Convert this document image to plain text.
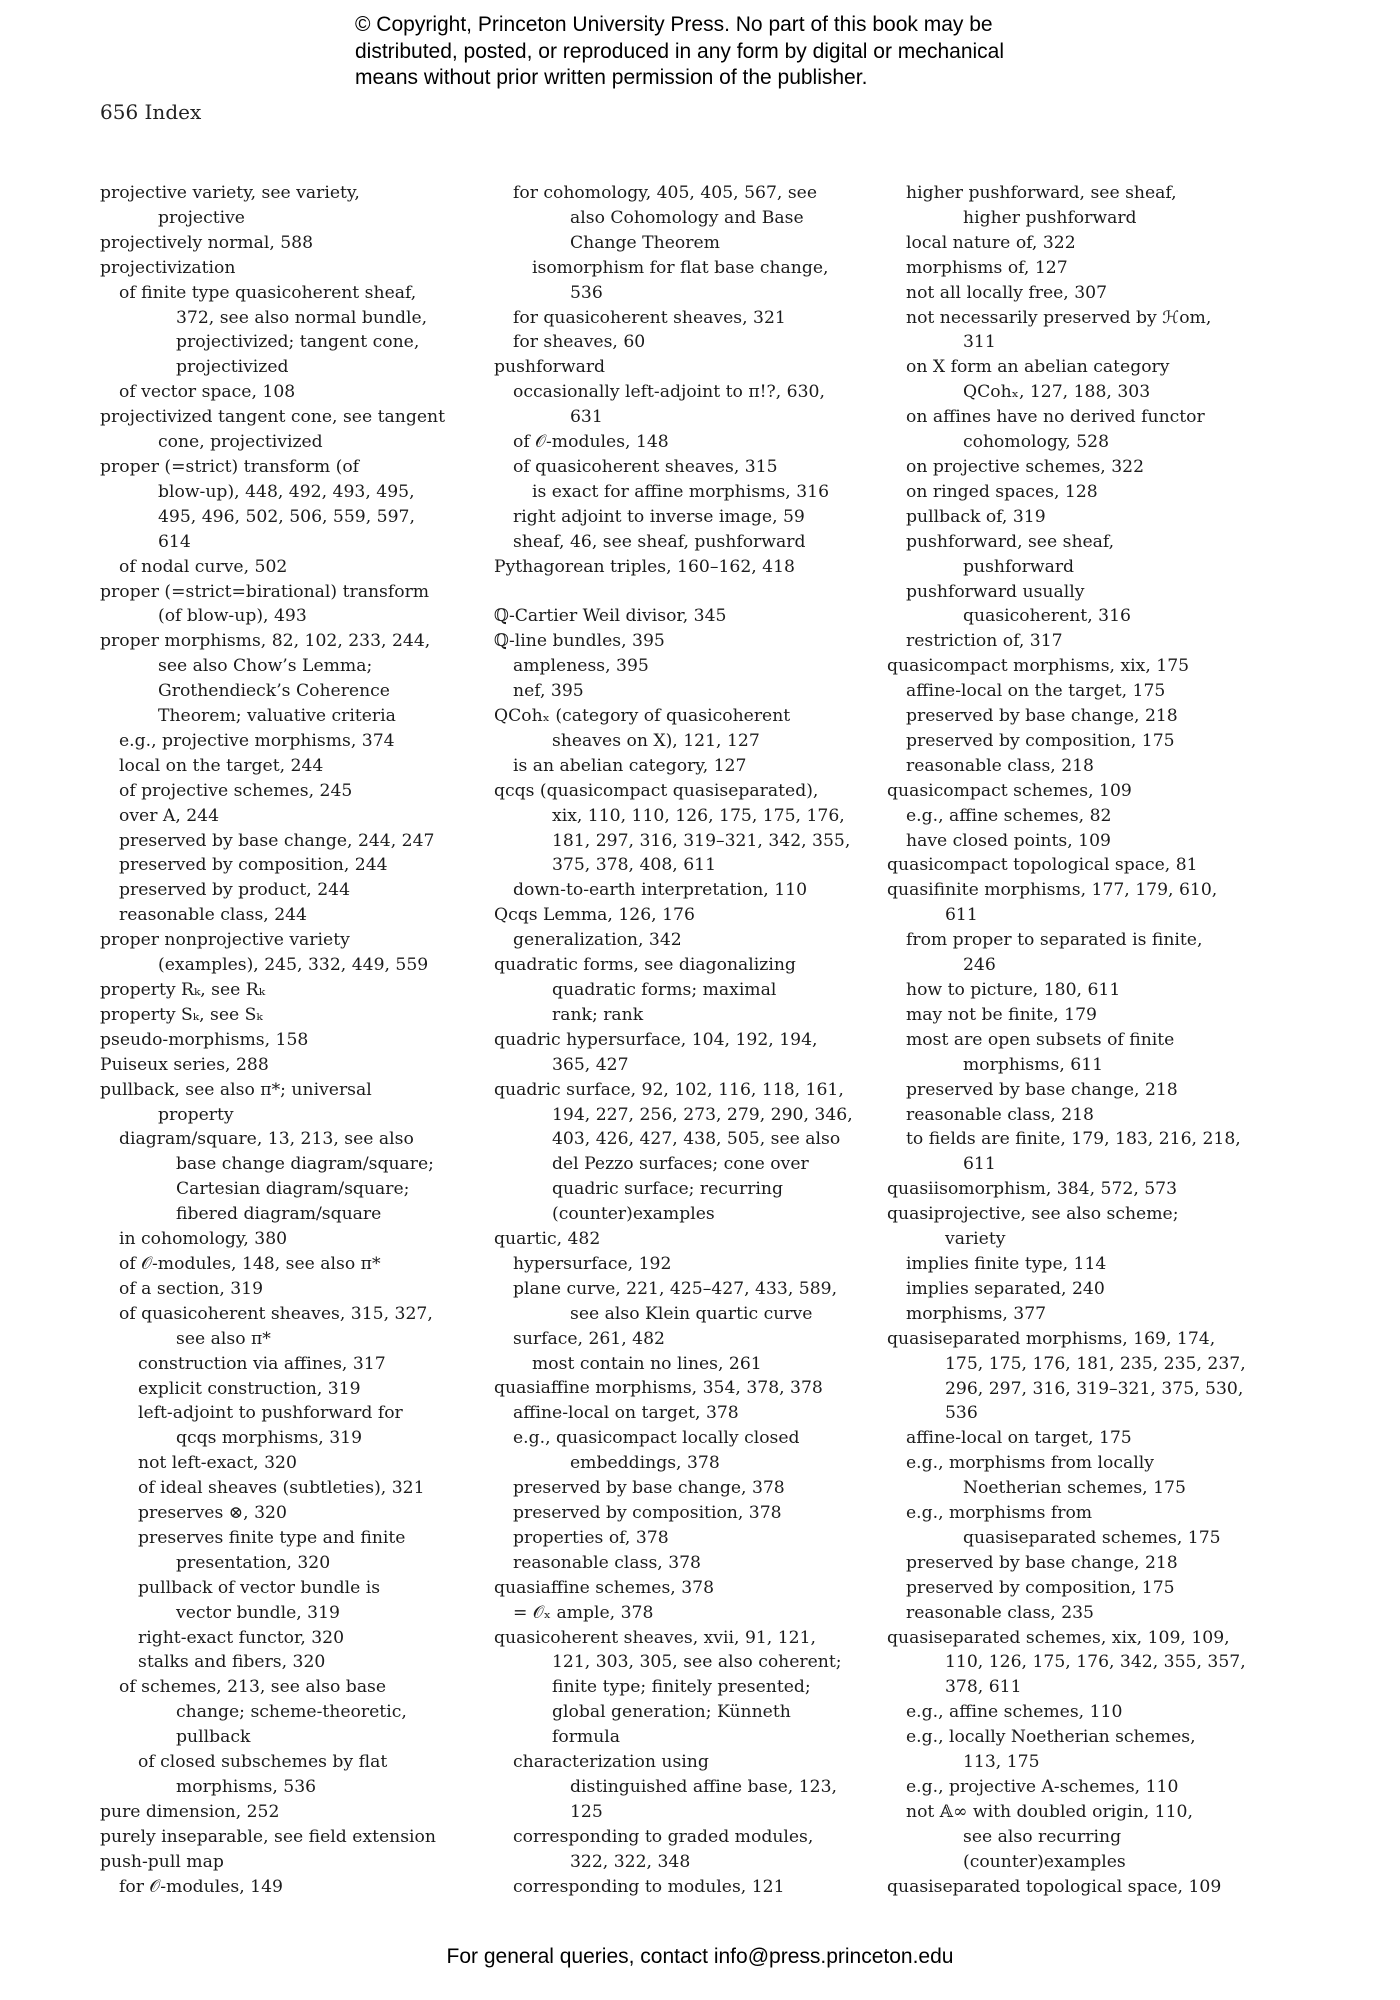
© Copyright, Princeton University Press. No part of this book may be
distributed, posted, or reproduced in any form by digital or mechanical
means without prior written permission of the publisher.
656 Index
projective variety, see variety,
projective
projectively normal, 588
projectivization
of finite type quasicoherent sheaf,
372, see also normal bundle,
projectivized; tangent cone,
projectivized
of vector space, 108
projectivized tangent cone, see tangent
cone, projectivized
proper (=strict) transform (of
blow-up), 448, 492, 493, 495,
495, 496, 502, 506, 559, 597,
614
of nodal curve, 502
proper (=strict=birational) transform
(of blow-up), 493
proper morphisms, 82, 102, 233, 244,
see also Chow’s Lemma;
Grothendieck’s Coherence
Theorem; valuative criteria
e.g., projective morphisms, 374
local on the target, 244
of projective schemes, 245
over A, 244
preserved by base change, 244, 247
preserved by composition, 244
preserved by product, 244
reasonable class, 244
proper nonprojective variety
(examples), 245, 332, 449, 559
property Rₖ, see Rₖ
property Sₖ, see Sₖ
pseudo-morphisms, 158
Puiseux series, 288
pullback, see also π*; universal
property
diagram/square, 13, 213, see also
base change diagram/square;
Cartesian diagram/square;
fibered diagram/square
in cohomology, 380
of 𝒪-modules, 148, see also π*
of a section, 319
of quasicoherent sheaves, 315, 327,
see also π*
construction via affines, 317
explicit construction, 319
left-adjoint to pushforward for
qcqs morphisms, 319
not left-exact, 320
of ideal sheaves (subtleties), 321
preserves ⊗, 320
preserves finite type and finite
presentation, 320
pullback of vector bundle is
vector bundle, 319
right-exact functor, 320
stalks and fibers, 320
of schemes, 213, see also base
change; scheme-theoretic,
pullback
of closed subschemes by flat
morphisms, 536
pure dimension, 252
purely inseparable, see field extension
push-pull map
for 𝒪-modules, 149
for cohomology, 405, 405, 567, see
also Cohomology and Base
Change Theorem
isomorphism for flat base change,
536
for quasicoherent sheaves, 321
for sheaves, 60
pushforward
occasionally left-adjoint to π!?, 630,
631
of 𝒪-modules, 148
of quasicoherent sheaves, 315
is exact for affine morphisms, 316
right adjoint to inverse image, 59
sheaf, 46, see sheaf, pushforward
Pythagorean triples, 160–162, 418
ℚ-Cartier Weil divisor, 345
ℚ-line bundles, 395
ampleness, 395
nef, 395
QCohₓ (category of quasicoherent
sheaves on X), 121, 127
is an abelian category, 127
qcqs (quasicompact quasiseparated),
xix, 110, 110, 126, 175, 175, 176,
181, 297, 316, 319–321, 342, 355,
375, 378, 408, 611
down-to-earth interpretation, 110
Qcqs Lemma, 126, 176
generalization, 342
quadratic forms, see diagonalizing
quadratic forms; maximal
rank; rank
quadric hypersurface, 104, 192, 194,
365, 427
quadric surface, 92, 102, 116, 118, 161,
194, 227, 256, 273, 279, 290, 346,
403, 426, 427, 438, 505, see also
del Pezzo surfaces; cone over
quadric surface; recurring
(counter)examples
quartic, 482
hypersurface, 192
plane curve, 221, 425–427, 433, 589,
see also Klein quartic curve
surface, 261, 482
most contain no lines, 261
quasiaffine morphisms, 354, 378, 378
affine-local on target, 378
e.g., quasicompact locally closed
embeddings, 378
preserved by base change, 378
preserved by composition, 378
properties of, 378
reasonable class, 378
quasiaffine schemes, 378
= 𝒪ₓ ample, 378
quasicoherent sheaves, xvii, 91, 121,
121, 303, 305, see also coherent;
finite type; finitely presented;
global generation; Künneth
formula
characterization using
distinguished affine base, 123,
125
corresponding to graded modules,
322, 322, 348
corresponding to modules, 121
higher pushforward, see sheaf,
higher pushforward
local nature of, 322
morphisms of, 127
not all locally free, 307
not necessarily preserved by ℋom,
311
on X form an abelian category
QCohₓ, 127, 188, 303
on affines have no derived functor
cohomology, 528
on projective schemes, 322
on ringed spaces, 128
pullback of, 319
pushforward, see sheaf,
pushforward
pushforward usually
quasicoherent, 316
restriction of, 317
quasicompact morphisms, xix, 175
affine-local on the target, 175
preserved by base change, 218
preserved by composition, 175
reasonable class, 218
quasicompact schemes, 109
e.g., affine schemes, 82
have closed points, 109
quasicompact topological space, 81
quasifinite morphisms, 177, 179, 610,
611
from proper to separated is finite,
246
how to picture, 180, 611
may not be finite, 179
most are open subsets of finite
morphisms, 611
preserved by base change, 218
reasonable class, 218
to fields are finite, 179, 183, 216, 218,
611
quasiisomorphism, 384, 572, 573
quasiprojective, see also scheme;
variety
implies finite type, 114
implies separated, 240
morphisms, 377
quasiseparated morphisms, 169, 174,
175, 175, 176, 181, 235, 235, 237,
296, 297, 316, 319–321, 375, 530,
536
affine-local on target, 175
e.g., morphisms from locally
Noetherian schemes, 175
e.g., morphisms from
quasiseparated schemes, 175
preserved by base change, 218
preserved by composition, 175
reasonable class, 235
quasiseparated schemes, xix, 109, 109,
110, 126, 175, 176, 342, 355, 357,
378, 611
e.g., affine schemes, 110
e.g., locally Noetherian schemes,
113, 175
e.g., projective A-schemes, 110
not 𝔸∞ with doubled origin, 110,
see also recurring
(counter)examples
quasiseparated topological space, 109
For general queries, contact info@press.princeton.edu
